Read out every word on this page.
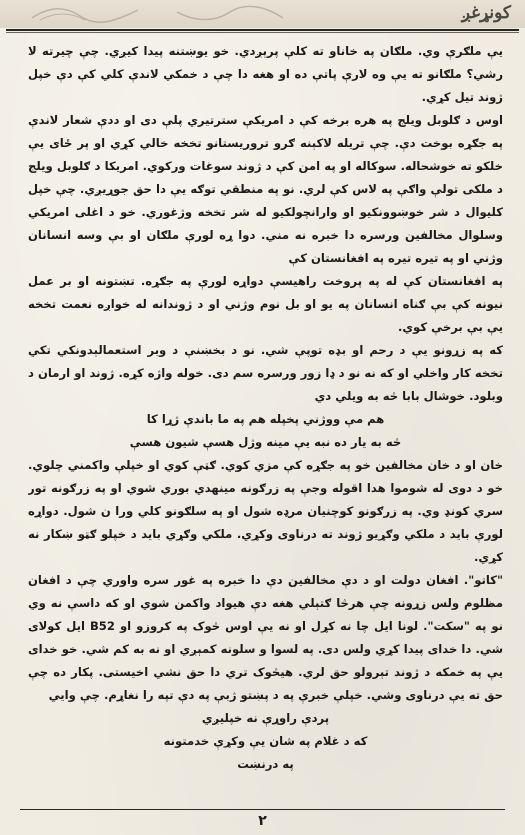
کونړغږ

یې ملګرې وي. ملګان په خاناو ته کلې پرېږدي. خو یوښتنه پیدا کیږي. چې چیرته لا رشي؟ ملګانو ته یې وه لارې پاتې ده او هغه دا چې د خمکي لاندې کلي کې دې خپل ژوند تیل کړي.

اوس د ګلوبل ویلج په هره برخه کې د امریکې سترتیري پلې دی او ددې شعار لاندې په جګړه بوخت دې. چې تريله لاکېنه ګرو تروریستانو تخخه خالي کړي او پر ځای یې خلکو ته خوشحاله. سوکاله او په امن کې د ژوند سوغات ورکوي. امریکا د ګلوبل ویلج د ملکی تولې واګې په لاس کې لري. نو په منطقي توګه یې دا حق جوړیږي. چې خپل کلیوال د شر خوښوونکیو او وارانچولکیو له شر تخخه وژغوري. خو د اغلی امریکي وسلوال مخالفین ورسره دا خبره نه مني. دوا ړه لورې ملګان او بې وسه انسانان وژني او په تیره تیره په افغانستان کې

په افغانستان کې له په پروخت راهیسې دواړه لورې په جګړه. تښتونه او بر عمل نیونه کې بې ګناه انسانان په یو او بل نوم وژني او د ژوندانه له خواږه نعمت تخخه یې بې برخې کوي.

که په زړونو یې د رحم او بډه توپې شي. نو د بخښنې د وبر استعمالېدونکي تکي تخخه کار واخلي او که نه نو د ډا زور ورسره سم دی. خوله واژه کړه. ژوند او ارمان د وبلود. خوشال بابا څه به ویلي دي

هم مې ووژني پخپله هم په ما باندې ژړا کا

څه به یار ده نبه یې مینه وژل هسې شیون هسې

خان او د خان مخالفین خو په جګړه کې مزي کوي. ګټې کوي او خپلې واکمني چلوي. خو د دوی له شوموا هدا اقوله وجې په زرګونه مینهدي بوري شوي او په زرګونه تور سري کونډ وي. په زرګونو کوچنیان مرډه شول او په سلګونو کلي ورا ن شول. دواړه لورې باید د ملکي وګړیو ژوند ته درناوی وکړي. ملکي وګړي باید د خپلو ګټو ښکار نه کړي.

"کاتو". افغان دولت او د دې مخالفین دې دا خبره په غور سره واوري چې د افغان مظلوم ولس زړونه چې هرڅا ګتېلي هغه دې هیواد واکمن شوي او که داسې نه وي نو په "سکت". لونا ایل چا نه کړل او نه یې اوس څوک په کروزو او B52 ایل کولای شي. دا خدای پیدا کړي ولس دی. په لسوا و سلونه کمېږي او نه به کم شي. خو خدای یې په خمکه د ژوند تېرولو حق لري. هیڅوک تري دا حق نشي اخیستی. پکار ده چې حق ته یې درناوی وشي. خپلې خبرې په د پښتو ژبې په دې تپه را نغاړم. چې وایي

پردې راوړې نه خپلیږي

که د غلام په شان یې وکړې خدمتونه

په درنښت

۲
